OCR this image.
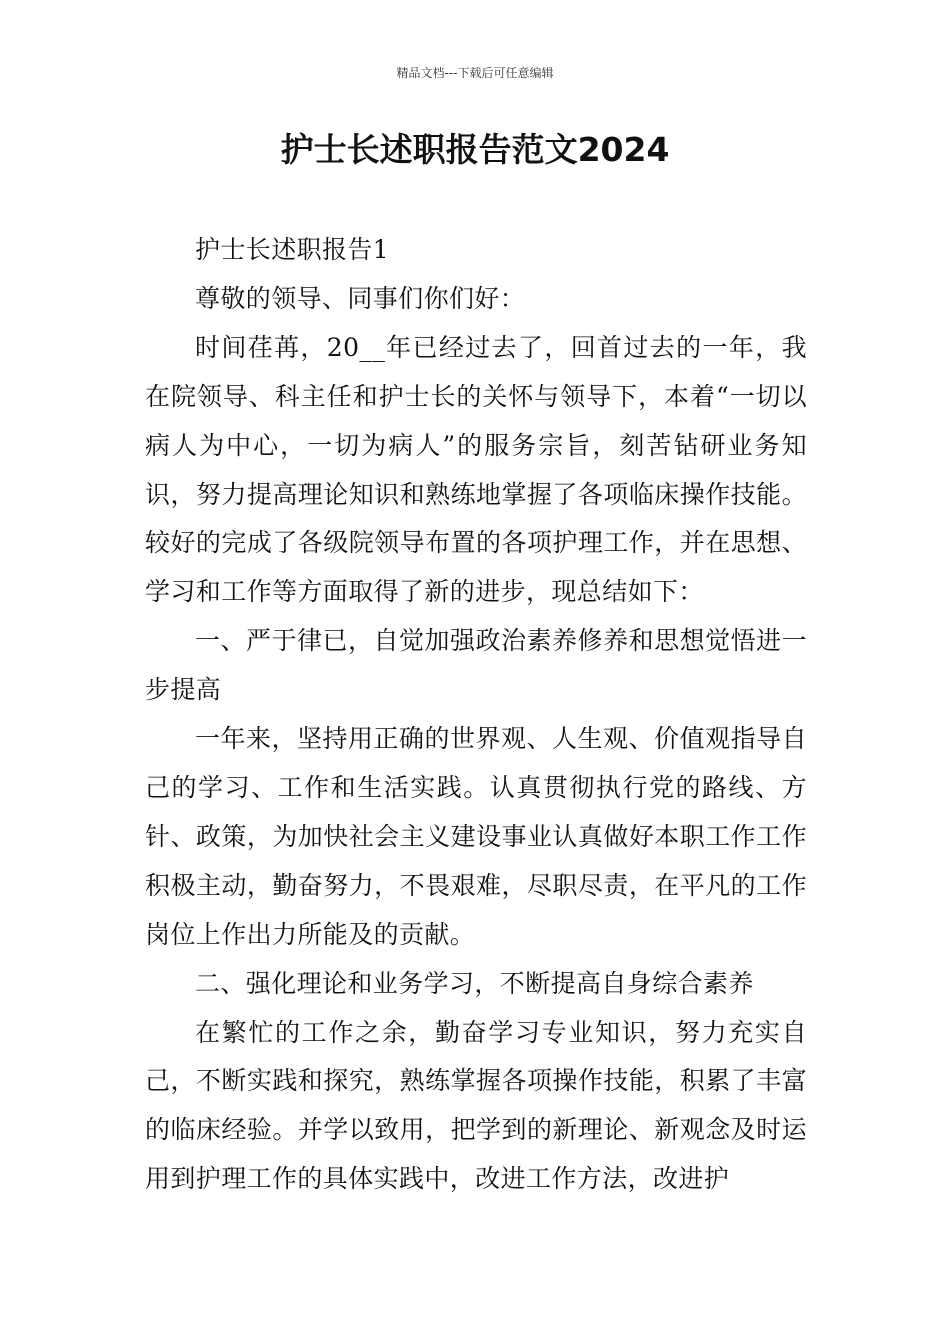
精品文档---下载后可任意编辑
护士长述职报告范文2024

护士长述职报告1

尊敬的领导、同事们你们好：

时间荏苒，20__年已经过去了，回首过去的一年，我在院领导、科主任和护士长的关怀与领导下，本着“一切以病人为中心，一切为病人”的服务宗旨，刻苦钻研业务知识，努力提高理论知识和熟练地掌握了各项临床操作技能。较好的完成了各级院领导布置的各项护理工作，并在思想、学习和工作等方面取得了新的进步，现总结如下：

一、严于律已，自觉加强政治素养修养和思想觉悟进一步提高

一年来，坚持用正确的世界观、人生观、价值观指导自己的学习、工作和生活实践。认真贯彻执行党的路线、方针、政策，为加快社会主义建设事业认真做好本职工作工作积极主动，勤奋努力，不畏艰难，尽职尽责，在平凡的工作岗位上作出力所能及的贡献。

二、强化理论和业务学习，不断提高自身综合素养

在繁忙的工作之余，勤奋学习专业知识，努力充实自己，不断实践和探究，熟练掌握各项操作技能，积累了丰富的临床经验。并学以致用，把学到的新理论、新观念及时运用到护理工作的具体实践中，改进工作方法，改进护
